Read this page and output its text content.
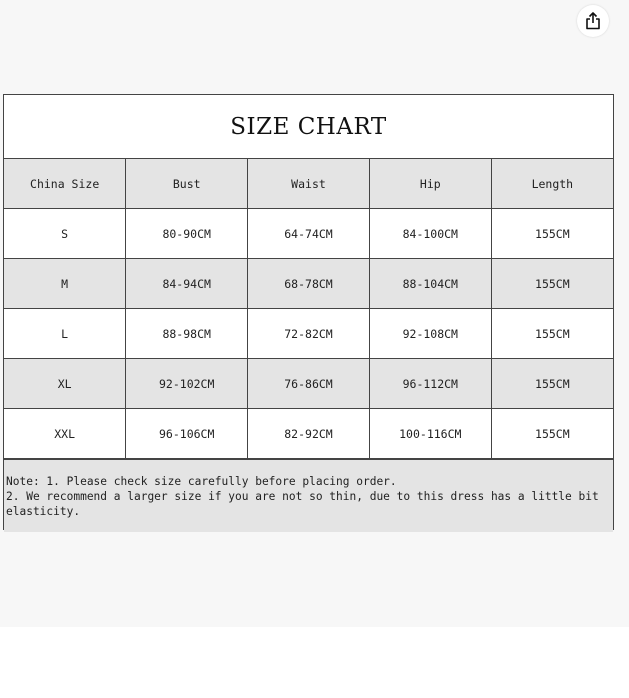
SIZE CHART
China Size	Bust	Waist	Hip	Length
S	80-90CM	64-74CM	84-100CM	155CM
M	84-94CM	68-78CM	88-104CM	155CM
L	88-98CM	72-82CM	92-108CM	155CM
XL	92-102CM	76-86CM	96-112CM	155CM
XXL	96-106CM	82-92CM	100-116CM	155CM
Note: 1. Please check size carefully before placing order.
2. We recommend a larger size if you are not so thin, due to this dress has a little bit elasticity.
